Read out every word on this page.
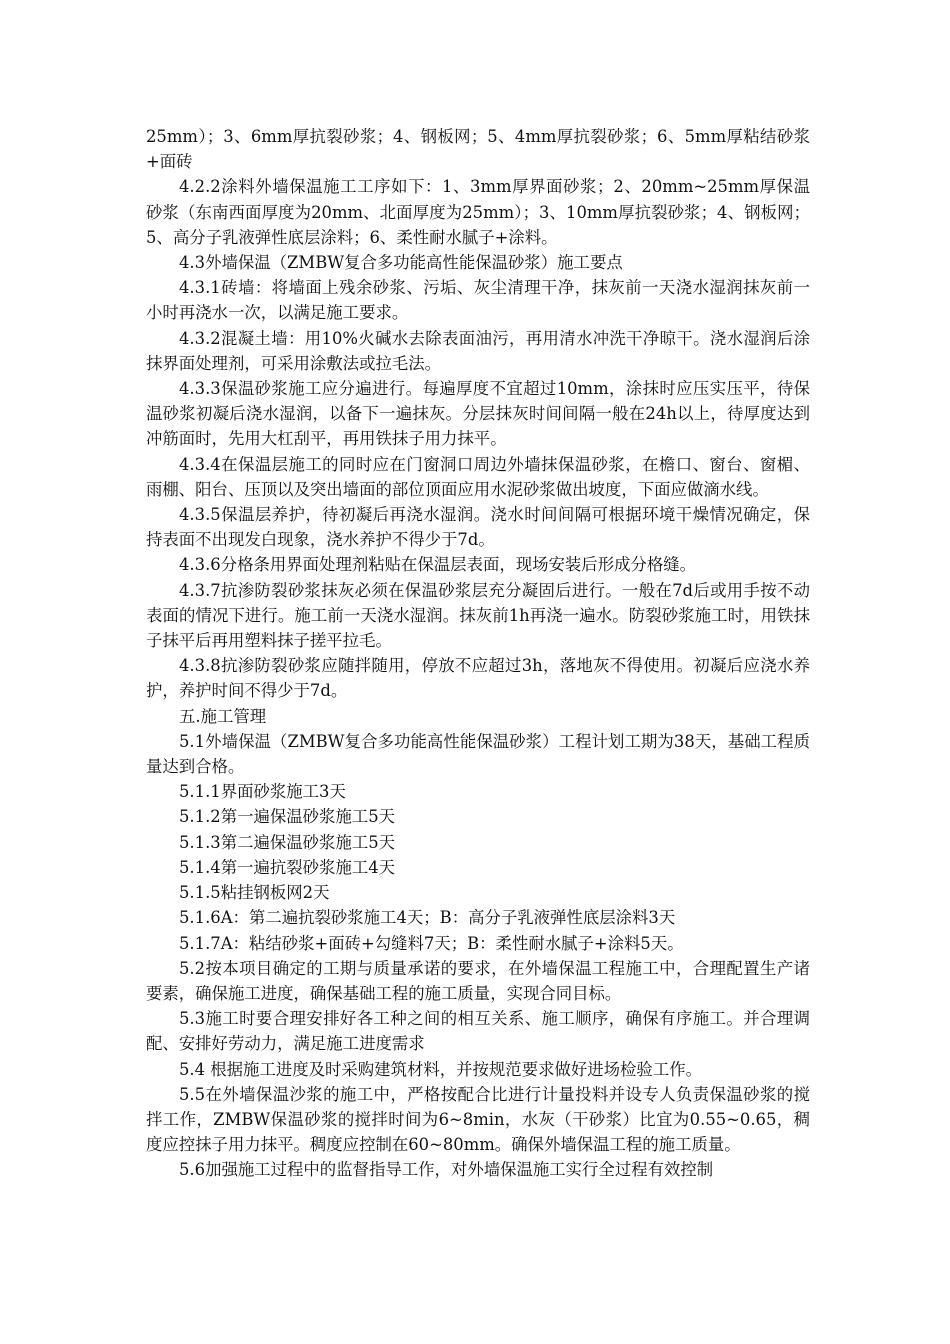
25mm）；3、6mm厚抗裂砂浆；4、钢板网；5、4mm厚抗裂砂浆；6、5mm厚粘结砂浆+面砖

4.2.2涂料外墙保温施工工序如下：1、3mm厚界面砂浆；2、20mm~25mm厚保温砂浆（东南西面厚度为20mm、北面厚度为25mm）；3、10mm厚抗裂砂浆；4、钢板网；5、高分子乳液弹性底层涂料；6、柔性耐水腻子+涂料。

4.3外墙保温（ZMBW复合多功能高性能保温砂浆）施工要点

4.3.1砖墙：将墙面上残余砂浆、污垢、灰尘清理干净，抹灰前一天浇水湿润抹灰前一小时再浇水一次，以满足施工要求。

4.3.2混凝土墙：用10%火碱水去除表面油污，再用清水冲洗干净晾干。浇水湿润后涂抹界面处理剂，可采用涂敷法或拉毛法。

4.3.3保温砂浆施工应分遍进行。每遍厚度不宜超过10mm，涂抹时应压实压平，待保温砂浆初凝后浇水湿润，以备下一遍抹灰。分层抹灰时间间隔一般在24h以上，待厚度达到冲筋面时，先用大杠刮平，再用铁抹子用力抹平。

4.3.4在保温层施工的同时应在门窗洞口周边外墙抹保温砂浆，在檐口、窗台、窗楣、雨棚、阳台、压顶以及突出墙面的部位顶面应用水泥砂浆做出坡度，下面应做滴水线。

4.3.5保温层养护，待初凝后再浇水湿润。浇水时间间隔可根据环境干燥情况确定，保持表面不出现发白现象，浇水养护不得少于7d。

4.3.6分格条用界面处理剂粘贴在保温层表面，现场安装后形成分格缝。

4.3.7抗渗防裂砂浆抹灰必须在保温砂浆层充分凝固后进行。一般在7d后或用手按不动表面的情况下进行。施工前一天浇水湿润。抹灰前1h再浇一遍水。防裂砂浆施工时，用铁抹子抹平后再用塑料抹子搓平拉毛。

4.3.8抗渗防裂砂浆应随拌随用，停放不应超过3h，落地灰不得使用。初凝后应浇水养护，养护时间不得少于7d。

五.施工管理

5.1外墙保温（ZMBW复合多功能高性能保温砂浆）工程计划工期为38天，基础工程质量达到合格。

5.1.1界面砂浆施工3天

5.1.2第一遍保温砂浆施工5天

5.1.3第二遍保温砂浆施工5天

5.1.4第一遍抗裂砂浆施工4天

5.1.5粘挂钢板网2天

5.1.6A：第二遍抗裂砂浆施工4天；B：高分子乳液弹性底层涂料3天

5.1.7A：粘结砂浆+面砖+勾缝料7天；B：柔性耐水腻子+涂料5天。

5.2按本项目确定的工期与质量承诺的要求，在外墙保温工程施工中，合理配置生产诸要素，确保施工进度，确保基础工程的施工质量，实现合同目标。

5.3施工时要合理安排好各工种之间的相互关系、施工顺序，确保有序施工。并合理调配、安排好劳动力，满足施工进度需求

5.4 根据施工进度及时采购建筑材料，并按规范要求做好进场检验工作。

5.5在外墙保温沙浆的施工中，严格按配合比进行计量投料并设专人负责保温砂浆的搅拌工作，ZMBW保温砂浆的搅拌时间为6~8min，水灰（干砂浆）比宜为0.55~0.65，稠度应控抹子用力抹平。稠度应控制在60~80mm。确保外墙保温工程的施工质量。

5.6加强施工过程中的监督指导工作，对外墙保温施工实行全过程有效控制
